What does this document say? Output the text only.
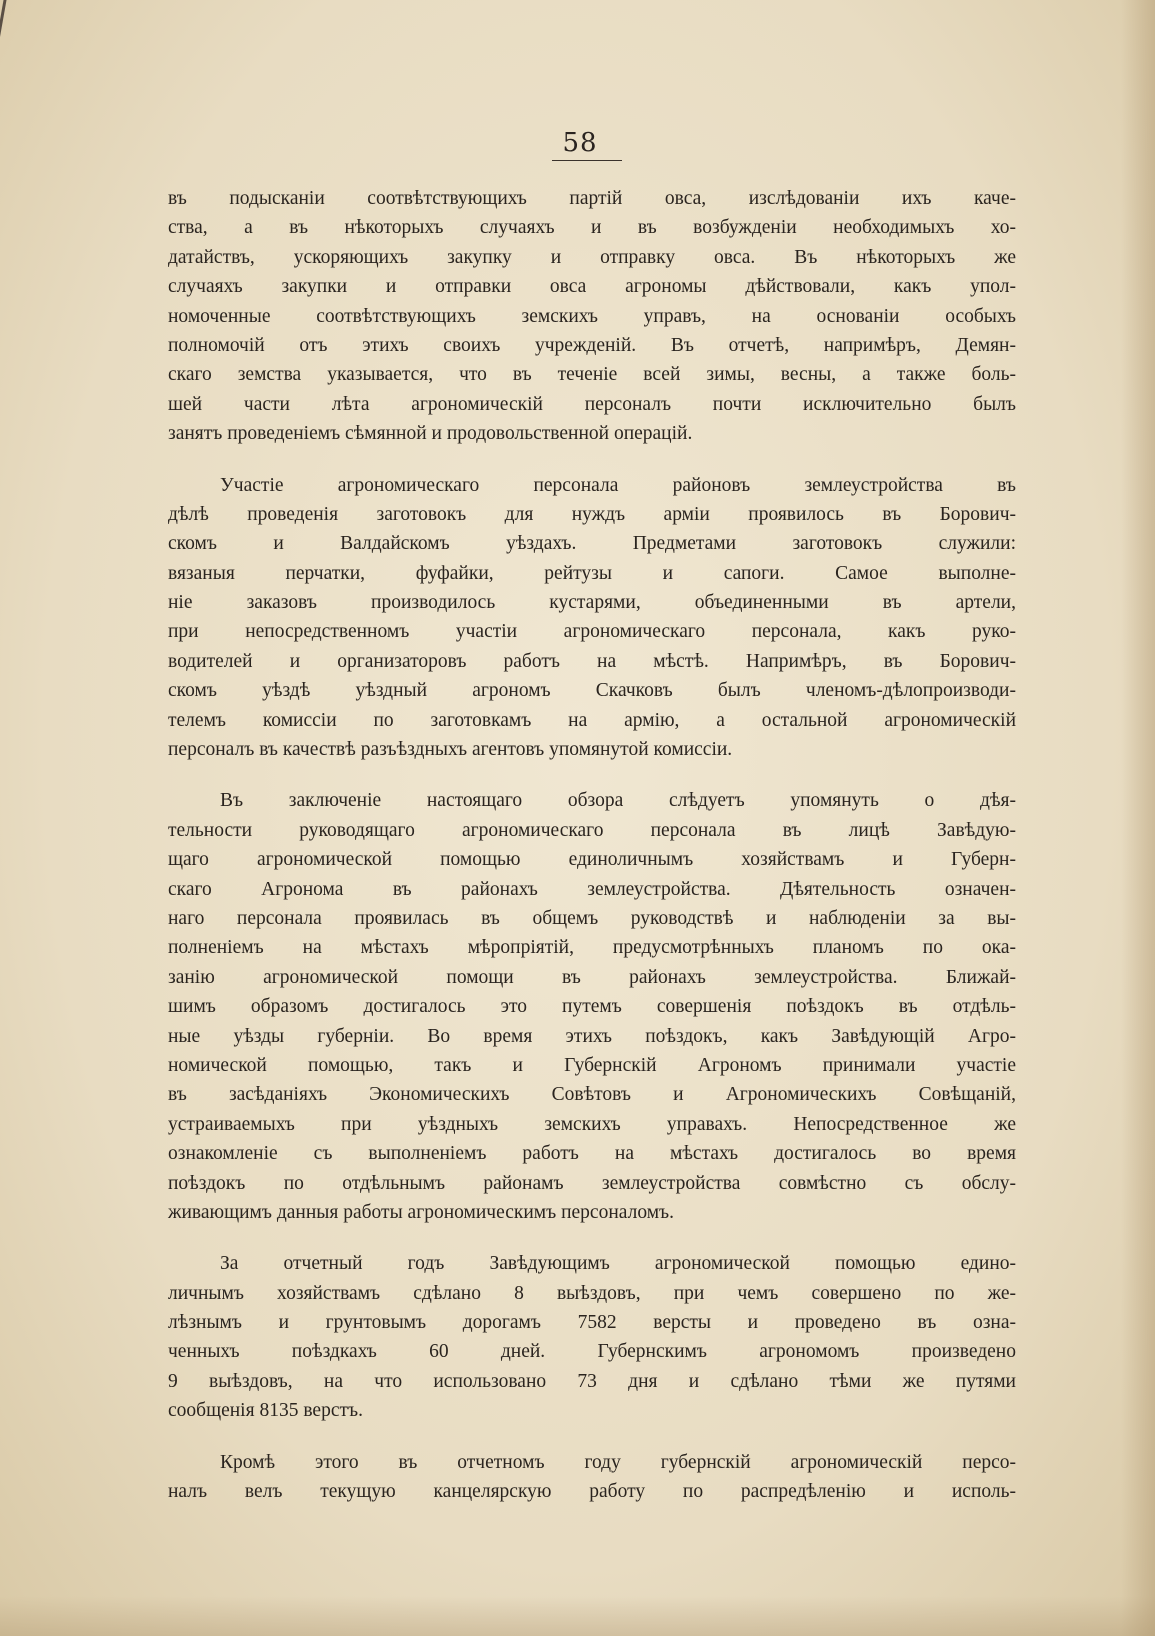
58
въ подысканіи соотвѣтствующихъ партій овса, изслѣдованіи ихъ каче-
ства, а въ нѣкоторыхъ случаяхъ и въ возбужденіи необходимыхъ хо-
датайствъ, ускоряющихъ закупку и отправку овса. Въ нѣкоторыхъ же
случаяхъ закупки и отправки овса агрономы дѣйствовали, какъ упол-
номоченные соотвѣтствующихъ земскихъ управъ, на основаніи особыхъ
полномочій отъ этихъ своихъ учрежденій. Въ отчетѣ, напримѣръ, Демян-
скаго земства указывается, что въ теченіе всей зимы, весны, а также боль-
шей части лѣта агрономическій персоналъ почти исключительно былъ
занятъ проведеніемъ сѣмянной и продовольственной операцій.
Участіе агрономическаго персонала районовъ землеустройства въ
дѣлѣ проведенія заготовокъ для нуждъ арміи проявилось въ Борович-
скомъ и Валдайскомъ уѣздахъ. Предметами заготовокъ служили:
вязаныя перчатки, фуфайки, рейтузы и сапоги. Самое выполне-
ніе заказовъ производилось кустарями, объединенными въ артели,
при непосредственномъ участіи агрономическаго персонала, какъ руко-
водителей и организаторовъ работъ на мѣстѣ. Напримѣръ, въ Борович-
скомъ уѣздѣ уѣздный агрономъ Скачковъ былъ членомъ-дѣлопроизводи-
телемъ комиссіи по заготовкамъ на армію, а остальной агрономическій
персоналъ въ качествѣ разъѣздныхъ агентовъ упомянутой комиссіи.
Въ заключеніе настоящаго обзора слѣдуетъ упомянуть о дѣя-
тельности руководящаго агрономическаго персонала въ лицѣ Завѣдую-
щаго агрономической помощью единоличнымъ хозяйствамъ и Губерн-
скаго Агронома въ районахъ землеустройства. Дѣятельность означен-
наго персонала проявилась въ общемъ руководствѣ и наблюденіи за вы-
полненіемъ на мѣстахъ мѣропріятій, предусмотрѣнныхъ планомъ по ока-
занію агрономической помощи въ районахъ землеустройства. Ближай-
шимъ образомъ достигалось это путемъ совершенія поѣздокъ въ отдѣль-
ные уѣзды губерніи. Во время этихъ поѣздокъ, какъ Завѣдующій Агро-
номической помощью, такъ и Губернскій Агрономъ принимали участіе
въ засѣданіяхъ Экономическихъ Совѣтовъ и Агрономическихъ Совѣщаній,
устраиваемыхъ при уѣздныхъ земскихъ управахъ. Непосредственное же
ознакомленіе съ выполненіемъ работъ на мѣстахъ достигалось во время
поѣздокъ по отдѣльнымъ районамъ землеустройства совмѣстно съ обслу-
живающимъ данныя работы агрономическимъ персоналомъ.
За отчетный годъ Завѣдующимъ агрономической помощью едино-
личнымъ хозяйствамъ сдѣлано 8 выѣздовъ, при чемъ совершено по же-
лѣзнымъ и грунтовымъ дорогамъ 7582 версты и проведено въ озна-
ченныхъ поѣздкахъ 60 дней. Губернскимъ агрономомъ произведено
9 выѣздовъ, на что использовано 73 дня и сдѣлано тѣми же путями
сообщенія 8135 верстъ.
Кромѣ этого въ отчетномъ году губернскій агрономическій персо-
налъ велъ текущую канцелярскую работу по распредѣленію и исполь-
